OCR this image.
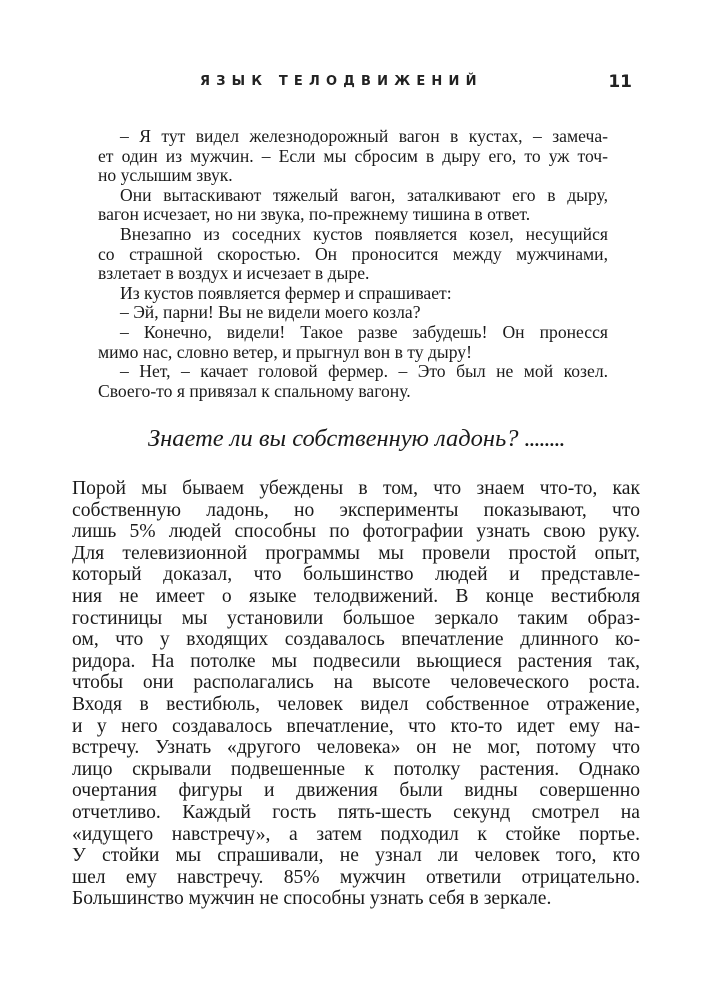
ЯЗЫК ТЕЛОДВИЖЕНИЙ	11
– Я тут видел железнодорожный вагон в кустах, – замеча-
ет один из мужчин. – Если мы сбросим в дыру его, то уж точ-
но услышим звук.
Они вытаскивают тяжелый вагон, заталкивают его в дыру,
вагон исчезает, но ни звука, по-прежнему тишина в ответ.
Внезапно из соседних кустов появляется козел, несущийся
со страшной скоростью. Он проносится между мужчинами,
взлетает в воздух и исчезает в дыре.
Из кустов появляется фермер и спрашивает:
– Эй, парни! Вы не видели моего козла?
– Конечно, видели! Такое разве забудешь! Он пронесся
мимо нас, словно ветер, и прыгнул вон в ту дыру!
– Нет, – качает головой фермер. – Это был не мой козел.
Своего-то я привязал к спальному вагону.
Знаете ли вы собственную ладонь? ........
Порой мы бываем убеждены в том, что знаем что-то, как
собственную ладонь, но эксперименты показывают, что
лишь 5% людей способны по фотографии узнать свою руку.
Для телевизионной программы мы провели простой опыт,
который доказал, что большинство людей и представле-
ния не имеет о языке телодвижений. В конце вестибюля
гостиницы мы установили большое зеркало таким образ-
ом, что у входящих создавалось впечатление длинного ко-
ридора. На потолке мы подвесили вьющиеся растения так,
чтобы они располагались на высоте человеческого роста.
Входя в вестибюль, человек видел собственное отражение,
и у него создавалось впечатление, что кто-то идет ему на-
встречу. Узнать «другого человека» он не мог, потому что
лицо скрывали подвешенные к потолку растения. Однако
очертания фигуры и движения были видны совершенно
отчетливо. Каждый гость пять-шесть секунд смотрел на
«идущего навстречу», а затем подходил к стойке портье.
У стойки мы спрашивали, не узнал ли человек того, кто
шел ему навстречу. 85% мужчин ответили отрицательно.
Большинство мужчин не способны узнать себя в зеркале.
